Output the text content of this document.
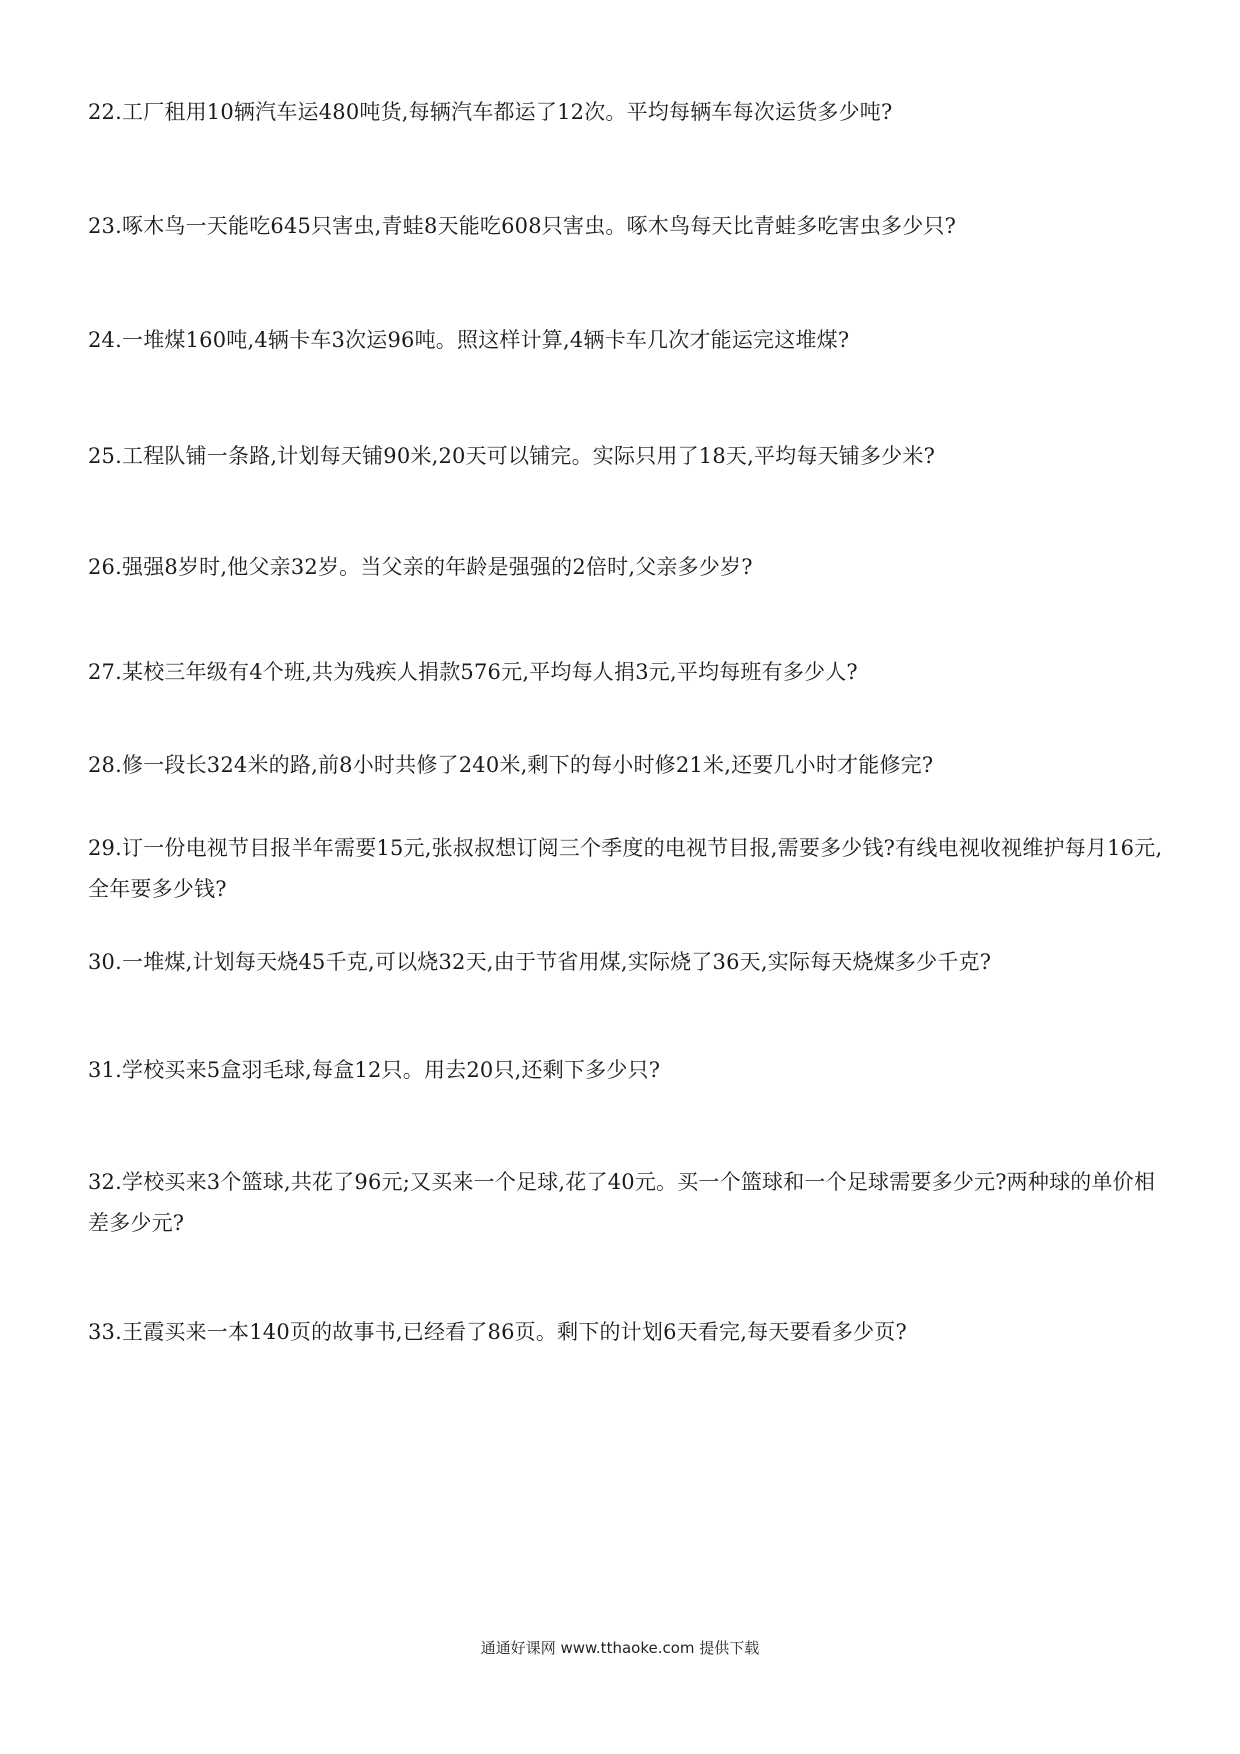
22.工厂租用10辆汽车运480吨货,每辆汽车都运了12次。平均每辆车每次运货多少吨?
23.啄木鸟一天能吃645只害虫,青蛙8天能吃608只害虫。啄木鸟每天比青蛙多吃害虫多少只?
24.一堆煤160吨,4辆卡车3次运96吨。照这样计算,4辆卡车几次才能运完这堆煤?
25.工程队铺一条路,计划每天铺90米,20天可以铺完。实际只用了18天,平均每天铺多少米?
26.强强8岁时,他父亲32岁。当父亲的年龄是强强的2倍时,父亲多少岁?
27.某校三年级有4个班,共为残疾人捐款576元,平均每人捐3元,平均每班有多少人?
28.修一段长324米的路,前8小时共修了240米,剩下的每小时修21米,还要几小时才能修完?
29.订一份电视节目报半年需要15元,张叔叔想订阅三个季度的电视节目报,需要多少钱?有线电视收视维护每月16元,全年要多少钱?
30.一堆煤,计划每天烧45千克,可以烧32天,由于节省用煤,实际烧了36天,实际每天烧煤多少千克?
31.学校买来5盒羽毛球,每盒12只。用去20只,还剩下多少只?
32.学校买来3个篮球,共花了96元;又买来一个足球,花了40元。买一个篮球和一个足球需要多少元?两种球的单价相差多少元?
33.王霞买来一本140页的故事书,已经看了86页。剩下的计划6天看完,每天要看多少页?
通通好课网 www.tthaoke.com 提供下载
